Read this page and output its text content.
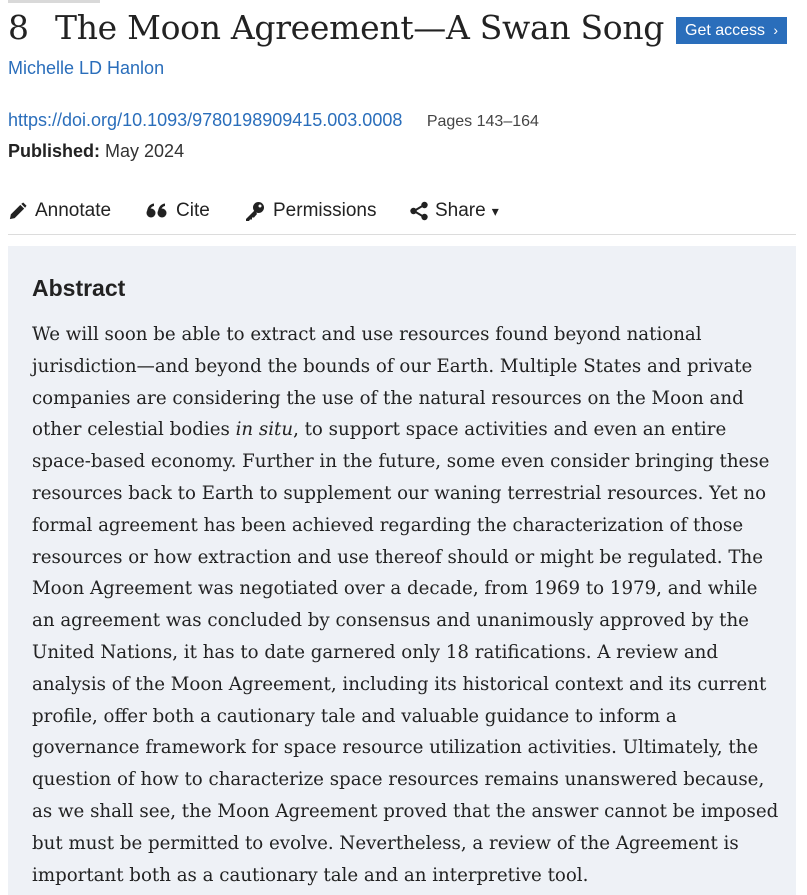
8 The Moon Agreement—A Swan Song	Get access ›
Michelle LD Hanlon
https://doi.org/10.1093/9780198909415.003.0008 Pages 143–164
Published: May 2024
Annotate	Cite	Permissions	Share ▾
Abstract
We will soon be able to extract and use resources found beyond national
jurisdiction—and beyond the bounds of our Earth. Multiple States and private
companies are considering the use of the natural resources on the Moon and
other celestial bodies in situ, to support space activities and even an entire
space-based economy. Further in the future, some even consider bringing these
resources back to Earth to supplement our waning terrestrial resources. Yet no
formal agreement has been achieved regarding the characterization of those
resources or how extraction and use thereof should or might be regulated. The
Moon Agreement was negotiated over a decade, from 1969 to 1979, and while
an agreement was concluded by consensus and unanimously approved by the
United Nations, it has to date garnered only 18 ratifications. A review and
analysis of the Moon Agreement, including its historical context and its current
profile, offer both a cautionary tale and valuable guidance to inform a
governance framework for space resource utilization activities. Ultimately, the
question of how to characterize space resources remains unanswered because,
as we shall see, the Moon Agreement proved that the answer cannot be imposed
but must be permitted to evolve. Nevertheless, a review of the Agreement is
important both as a cautionary tale and an interpretive tool.
